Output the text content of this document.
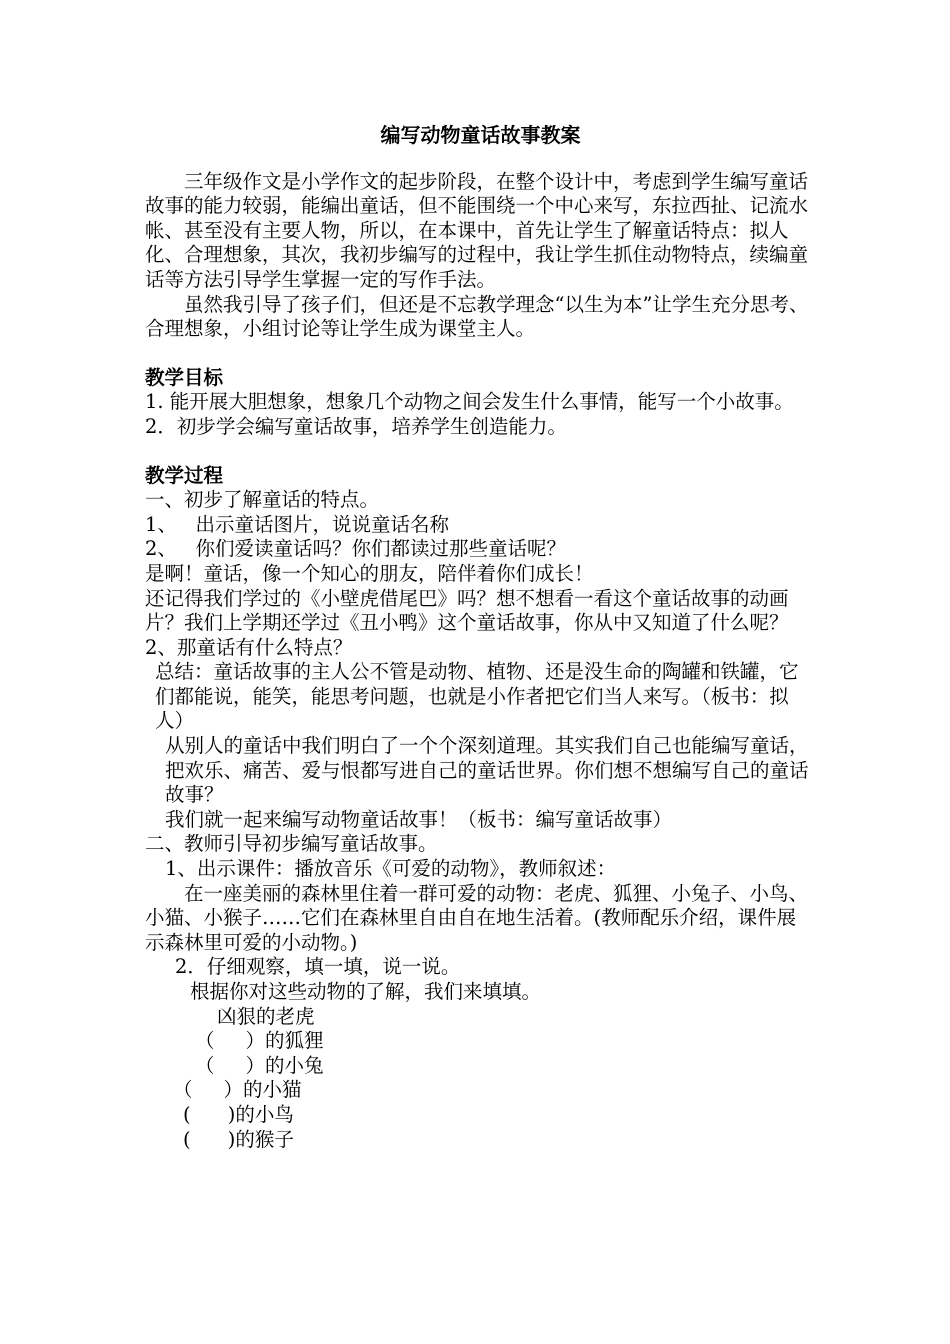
编写动物童话故事教案

三年级作文是小学作文的起步阶段，在整个设计中，考虑到学生编写童话故事的能力较弱，能编出童话，但不能围绕一个中心来写，东拉西扯、记流水帐、甚至没有主要人物，所以，在本课中，首先让学生了解童话特点：拟人化、合理想象，其次，我初步编写的过程中，我让学生抓住动物特点，续编童话等方法引导学生掌握一定的写作手法。

虽然我引导了孩子们，但还是不忘教学理念“以生为本”让学生充分思考、合理想象，小组讨论等让学生成为课堂主人。

教学目标

1. 能开展大胆想象，想象几个动物之间会发生什么事情，能写一个小故事。

2．初步学会编写童话故事，培养学生创造能力。

教学过程

一、初步了解童话的特点。

1、   出示童话图片，说说童话名称

2、   你们爱读童话吗？你们都读过那些童话呢？

是啊！童话，像一个知心的朋友，陪伴着你们成长！

还记得我们学过的《小壁虎借尾巴》吗？想不想看一看这个童话故事的动画片？我们上学期还学过《丑小鸭》这个童话故事，你从中又知道了什么呢？

2、那童话有什么特点？

总结：童话故事的主人公不管是动物、植物、还是没生命的陶罐和铁罐，它们都能说，能笑，能思考问题，也就是小作者把它们当人来写。（板书：拟人）

从别人的童话中我们明白了一个个深刻道理。其实我们自己也能编写童话，把欢乐、痛苦、爱与恨都写进自己的童话世界。你们想不想编写自己的童话故事？

我们就一起来编写动物童话故事！（板书：编写童话故事）

二、教师引导初步编写童话故事。

1、出示课件：播放音乐《可爱的动物》，教师叙述：

在一座美丽的森林里住着一群可爱的动物：老虎、狐狸、小兔子、小鸟、小猫、小猴子……它们在森林里自由自在地生活着。(教师配乐介绍，课件展示森林里可爱的小动物。)

2．仔细观察，填一填，说一说。

根据你对这些动物的了解，我们来填填。

凶狠的老虎

（     ）的狐狸

（     ）的小兔

（     ）的小猫

(      )的小鸟

(      )的猴子
